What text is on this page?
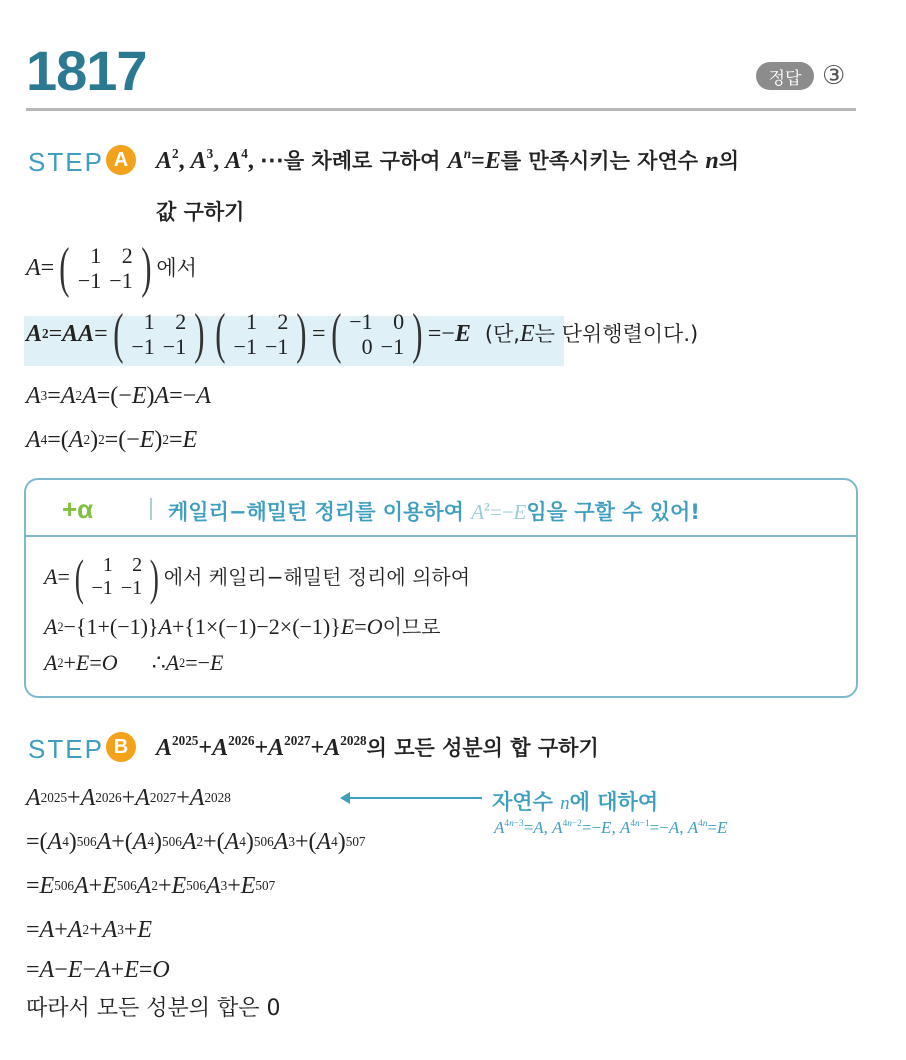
1817	정답 ③
STEP A $A^2$, $A^3$, $A^4$, ⋯을 차례로 구하여 $A^n=E$를 만족시키는 자연수 n의
값 구하기
A = ( 1	2
−1	−1 ) 에서
A 2 = AA = ( 1	2
−1	−1 ) ( 1	2
−1	−1 ) = ( −1	0
0	−1 ) =− E (단, E 는 단위행렬이다.)
A 3 = A 2 A =(− E ) A =− A
A 4 =( A 2 ) 2 =(− E ) 2 = E
+α	케일리−해밀턴 정리를 이용하여 $A^2=-E$임을 구할 수 있어!
A = ( 1	2
−1	−1 ) 에서 케일리−해밀턴 정리에 의하여
A 2 −{1+(−1)} A +{1×(−1)−2×(−1)} E = O 이므로
A 2 + E = O ∴ A 2 =− E
STEP B $A^{2025}+A^{2026}+A^{2027}+A^{2028}$의 모든 성분의 합 구하기
A 2025 + A 2026 + A 2027 + A 2028	자연수 n에 대하여
$A^{4n-3}=A$, $A^{4n-2}=-E$, $A^{4n-1}=-A$, $A^{4n}=E$
=( A 4 ) 506 A +( A 4 ) 506 A 2 +( A 4 ) 506 A 3 +( A 4 ) 507
= E 506 A + E 506 A 2 + E 506 A 3 + E 507
= A + A 2 + A 3 + E
= A − E − A + E = O
따라서 모든 성분의 합은 0
